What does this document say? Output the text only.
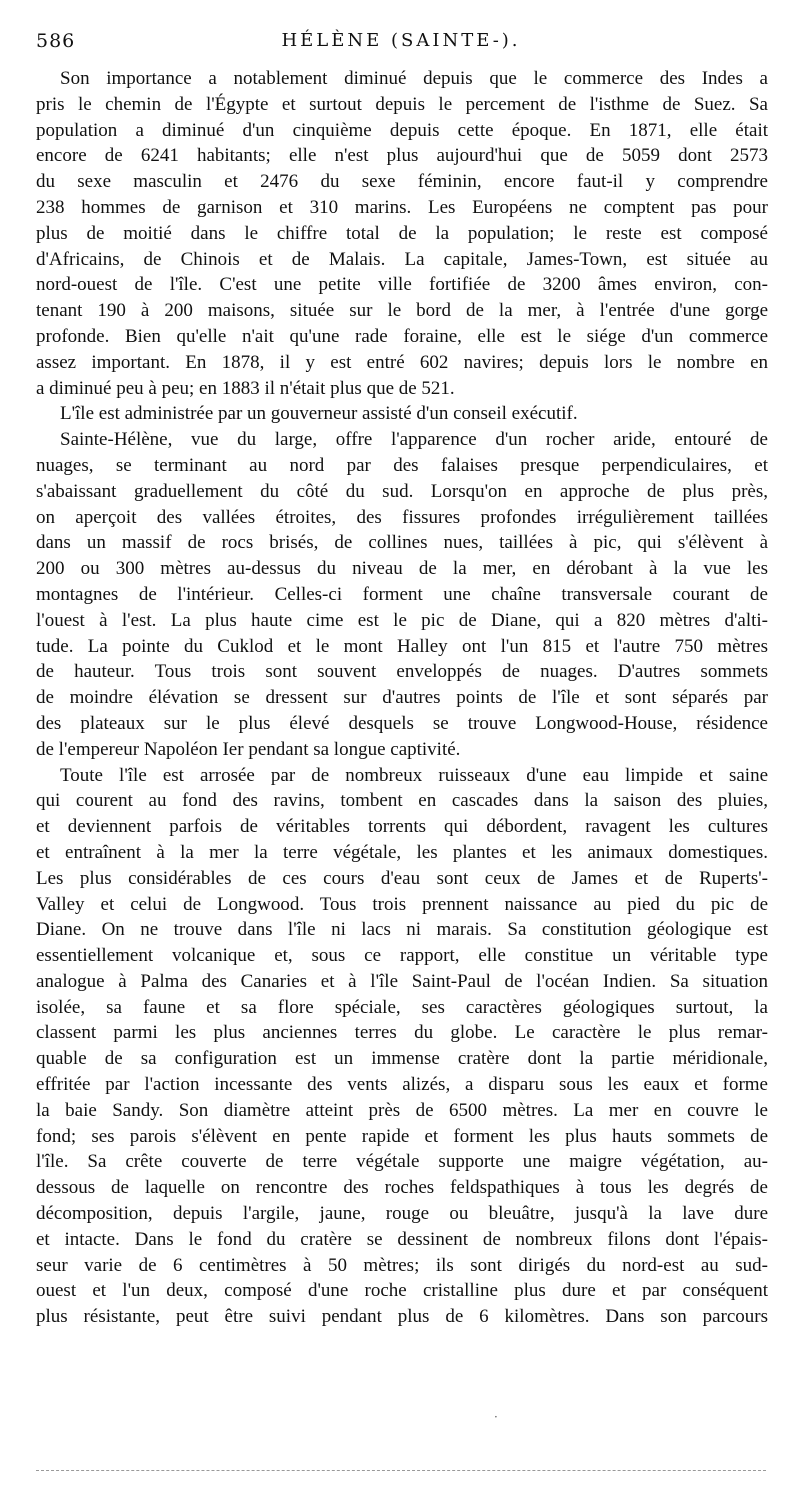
586	HÉLÈNE (SAINTE-).
Son importance a notablement diminué depuis que le commerce des Indes a
pris le chemin de l'Égypte et surtout depuis le percement de l'isthme de Suez. Sa
population a diminué d'un cinquième depuis cette époque. En 1871, elle était
encore de 6241 habitants; elle n'est plus aujourd'hui que de 5059 dont 2573
du sexe masculin et 2476 du sexe féminin, encore faut-il y comprendre
238 hommes de garnison et 310 marins. Les Européens ne comptent pas pour
plus de moitié dans le chiffre total de la population; le reste est composé
d'Africains, de Chinois et de Malais. La capitale, James-Town, est située au
nord-ouest de l'île. C'est une petite ville fortifiée de 3200 âmes environ, con-
tenant 190 à 200 maisons, située sur le bord de la mer, à l'entrée d'une gorge
profonde. Bien qu'elle n'ait qu'une rade foraine, elle est le siége d'un commerce
assez important. En 1878, il y est entré 602 navires; depuis lors le nombre en
a diminué peu à peu; en 1883 il n'était plus que de 521.
L'île est administrée par un gouverneur assisté d'un conseil exécutif.
Sainte-Hélène, vue du large, offre l'apparence d'un rocher aride, entouré de
nuages, se terminant au nord par des falaises presque perpendiculaires, et
s'abaissant graduellement du côté du sud. Lorsqu'on en approche de plus près,
on aperçoit des vallées étroites, des fissures profondes irrégulièrement taillées
dans un massif de rocs brisés, de collines nues, taillées à pic, qui s'élèvent à
200 ou 300 mètres au-dessus du niveau de la mer, en dérobant à la vue les
montagnes de l'intérieur. Celles-ci forment une chaîne transversale courant de
l'ouest à l'est. La plus haute cime est le pic de Diane, qui a 820 mètres d'alti-
tude. La pointe du Cuklod et le mont Halley ont l'un 815 et l'autre 750 mètres
de hauteur. Tous trois sont souvent enveloppés de nuages. D'autres sommets
de moindre élévation se dressent sur d'autres points de l'île et sont séparés par
des plateaux sur le plus élevé desquels se trouve Longwood-House, résidence
de l'empereur Napoléon Ier pendant sa longue captivité.
Toute l'île est arrosée par de nombreux ruisseaux d'une eau limpide et saine
qui courent au fond des ravins, tombent en cascades dans la saison des pluies,
et deviennent parfois de véritables torrents qui débordent, ravagent les cultures
et entraînent à la mer la terre végétale, les plantes et les animaux domestiques.
Les plus considérables de ces cours d'eau sont ceux de James et de Ruperts'-
Valley et celui de Longwood. Tous trois prennent naissance au pied du pic de
Diane. On ne trouve dans l'île ni lacs ni marais. Sa constitution géologique est
essentiellement volcanique et, sous ce rapport, elle constitue un véritable type
analogue à Palma des Canaries et à l'île Saint-Paul de l'océan Indien. Sa situation
isolée, sa faune et sa flore spéciale, ses caractères géologiques surtout, la
classent parmi les plus anciennes terres du globe. Le caractère le plus remar-
quable de sa configuration est un immense cratère dont la partie méridionale,
effritée par l'action incessante des vents alizés, a disparu sous les eaux et forme
la baie Sandy. Son diamètre atteint près de 6500 mètres. La mer en couvre le
fond; ses parois s'élèvent en pente rapide et forment les plus hauts sommets de
l'île. Sa crête couverte de terre végétale supporte une maigre végétation, au-
dessous de laquelle on rencontre des roches feldspathiques à tous les degrés de
décomposition, depuis l'argile, jaune, rouge ou bleuâtre, jusqu'à la lave dure
et intacte. Dans le fond du cratère se dessinent de nombreux filons dont l'épais-
seur varie de 6 centimètres à 50 mètres; ils sont dirigés du nord-est au sud-
ouest et l'un deux, composé d'une roche cristalline plus dure et par conséquent
plus résistante, peut être suivi pendant plus de 6 kilomètres. Dans son parcours
·
